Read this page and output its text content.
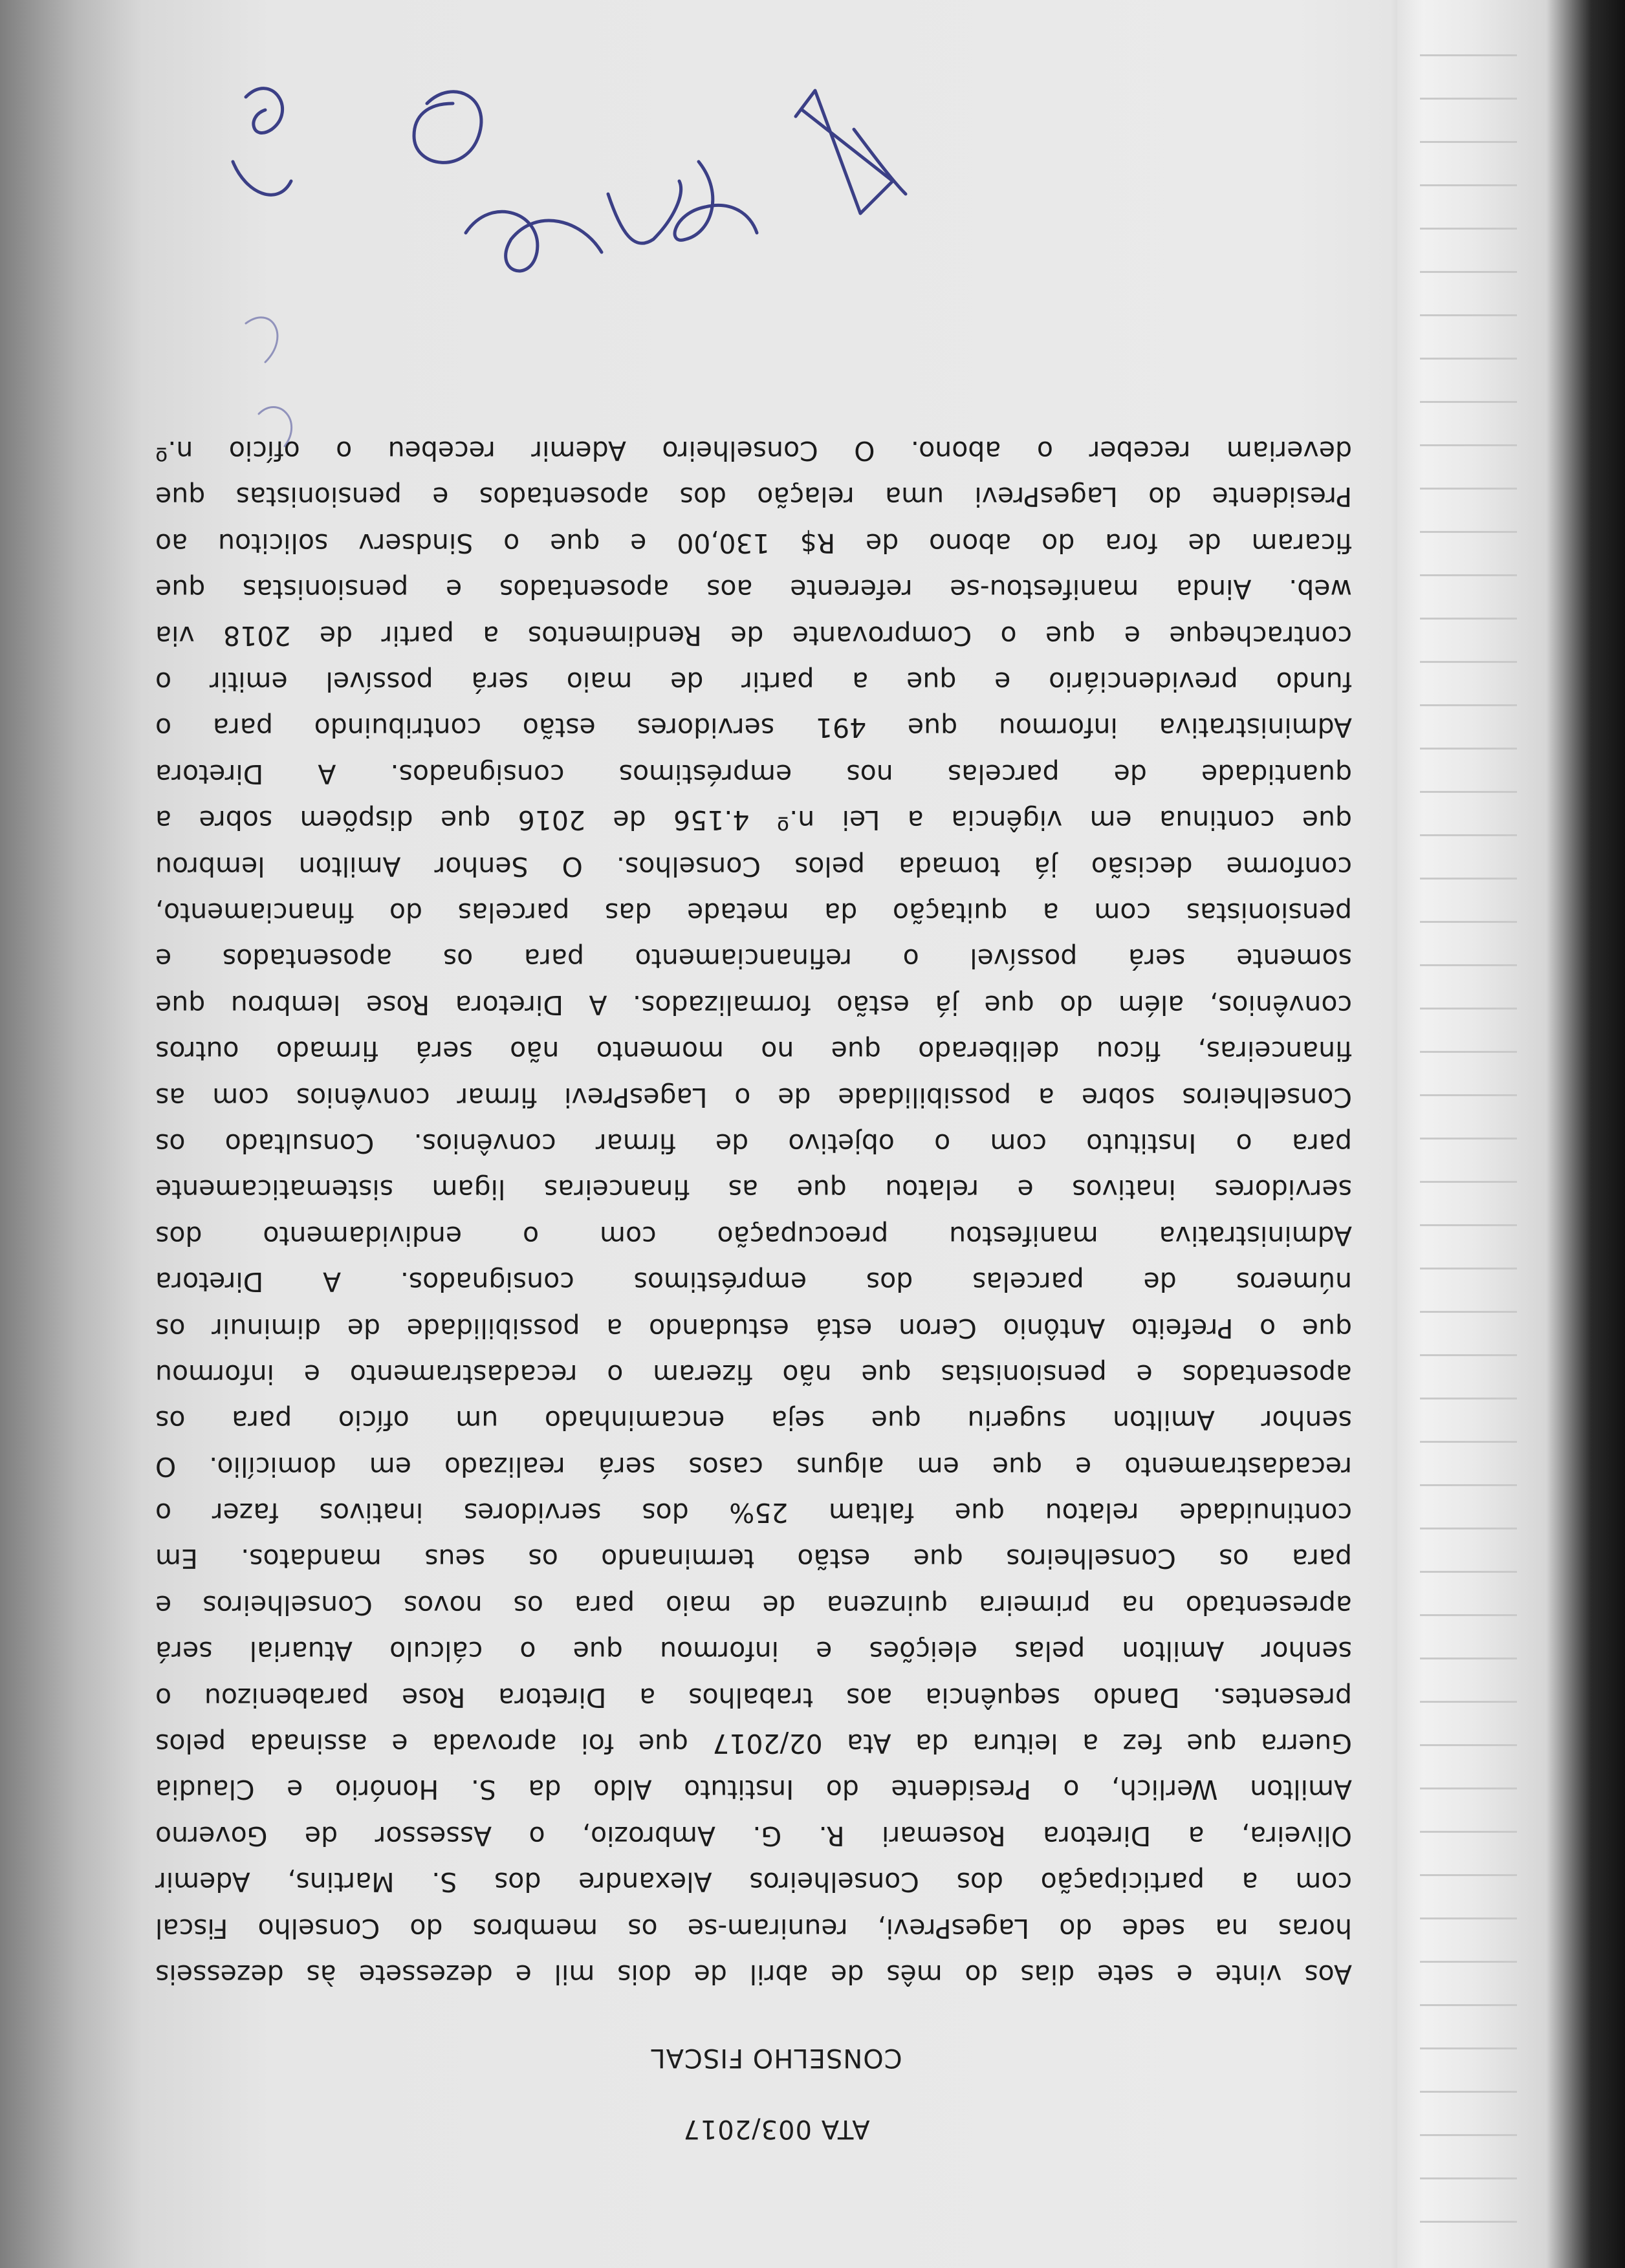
ATA 003/2017
CONSELHO FISCAL
Aos vinte e sete dias do mês de abril de dois mil e dezessete às dezesseis
horas na sede do LagesPrevi, reuniram-se os membros do Conselho Fiscal
com a participação dos Conselheiros Alexandre dos S. Martins, Ademir
Oliveira, a Diretora Rosemari R. G. Ambrozio, o Assessor de Governo
Amilton Werlich, o Presidente do Instituto Aldo da S. Honório e Claudia
Guerra que fez a leitura da Ata 02/2017 que foi aprovada e assinada pelos
presentes. Dando sequência aos trabalhos a Diretora Rose parabenizou o
senhor Amilton pelas eleições e informou que o cálculo Atuarial será
apresentado na primeira quinzena de maio para os novos Conselheiros e
para os Conselheiros que estão terminando os seus mandatos. Em
continuidade relatou que faltam 25% dos servidores inativos fazer o
recadastramento e que em alguns casos será realizado em domicílio. O
senhor Amilton sugeriu que seja encaminhado um ofício para os
aposentados e pensionistas que não fizeram o recadastramento e informou
que o Prefeito Antônio Ceron está estudando a possibilidade de diminuir os
números de parcelas dos empréstimos consignados. A Diretora
Administrativa manifestou preocupação com o endividamento dos
servidores inativos e relatou que as financeiras ligam sistematicamente
para o Instituto com o objetivo de firmar convênios. Consultado os
Conselheiros sobre a possibilidade de o LagesPrevi firmar convênios com as
financeiras, ficou deliberado que no momento não será firmado outros
convênios, além do que já estão formalizados. A Diretora Rose lembrou que
somente será possível o refinanciamento para os aposentados e
pensionistas com a quitação da metade das parcelas do financiamento,
conforme decisão já tomada pelos Conselhos. O Senhor Amilton lembrou
que continua em vigência a Lei n.º 4.156 de 2016 que dispõem sobre a
quantidade de parcelas nos empréstimos consignados. A Diretora
Administrativa informou que 491 servidores estão contribuindo para o
fundo previdenciário e que a partir de maio será possível emitir o
contracheque e que o Comprovante de Rendimentos a partir de 2018 via
web. Ainda manifestou-se referente aos aposentados e pensionistas que
ficaram de fora do abono de R$ 130,00 e que o Sindserv solicitou ao
Presidente do LagesPrevi uma relação dos aposentados e pensionistas que
deveriam receber o abono. O Conselheiro Ademir recebeu o ofício n.º
